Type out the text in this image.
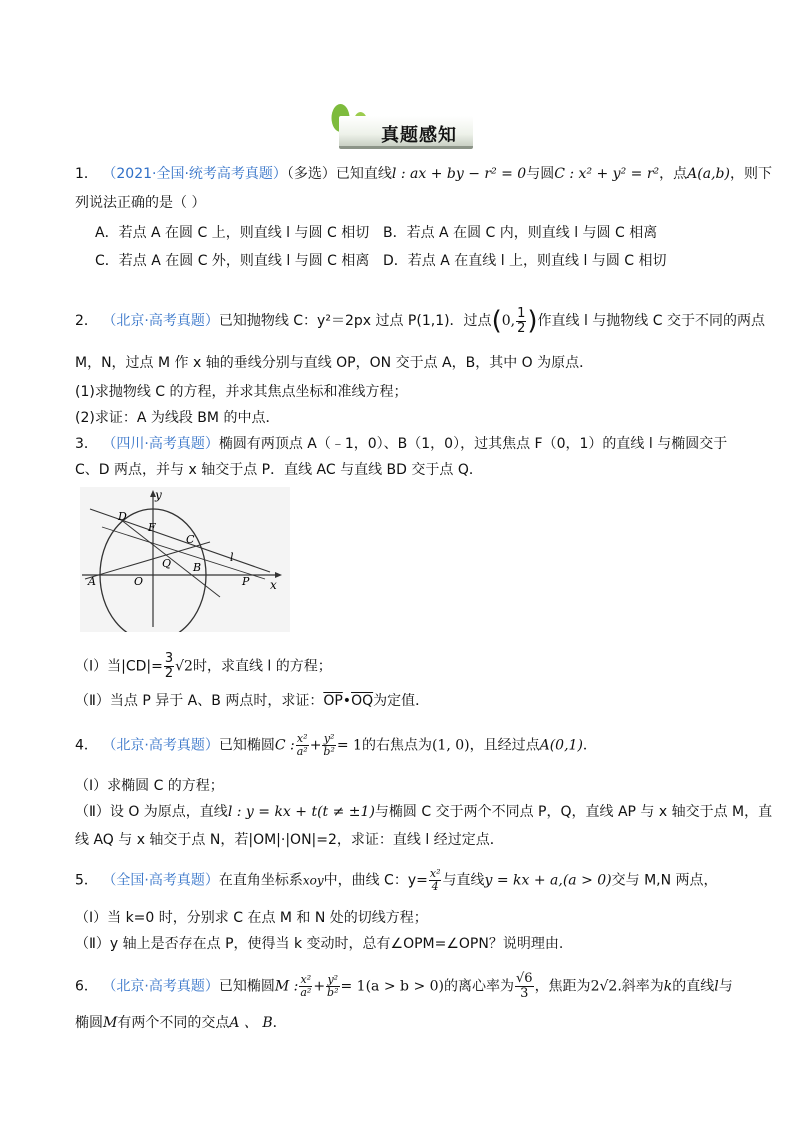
真题感知
1． （2021·全国·统考高考真题）（多选）已知直线l : ax + by − r² = 0与圆C : x² + y² = r²，点A(a,b)，则下
列说法正确的是（ ）
A．若点 A 在圆 C 上，则直线 l 与圆 C 相切 B．若点 A 在圆 C 内，则直线 l 与圆 C 相离
C．若点 A 在圆 C 外，则直线 l 与圆 C 相离 D．若点 A 在直线 l 上，则直线 l 与圆 C 相切
2． （北京·高考真题）已知抛物线 C：y²＝2px 过点 P(1,1)．过点(0, $\frac{1}{2}$ )作直线 l 与抛物线 C 交于不同的两点
M，N，过点 M 作 x 轴的垂线分别与直线 OP，ON 交于点 A，B，其中 O 为原点．
(1)求抛物线 C 的方程，并求其焦点坐标和准线方程；
(2)求证：A 为线段 BM 的中点．
3． （四川·高考真题）椭圆有两顶点 A（﹣1，0）、B（1，0），过其焦点 F（0，1）的直线 l 与椭圆交于
C、D 两点，并与 x 轴交于点 P．直线 AC 与直线 BD 交于点 Q．
y
x
D
F
C
Q	l
A	O
B
P
（Ⅰ）当$|CD|= \frac{3}{2} √2$时，求直线 l 的方程；
（Ⅱ）当点 P 异于 A、B 两点时，求证：$\overline{OP}•\overline{OQ}$为定值．
4． （北京·高考真题）已知椭圆C : $\frac{\text{x²}}{\text{a²}} + \frac{\text{y²}}{\text{b²}} = 1$的右焦点为(1, 0)，且经过点A(0,1)．
（Ⅰ）求椭圆 C 的方程；
（Ⅱ）设 O 为原点，直线l : y = kx + t(t ≠ ±1)与椭圆 C 交于两个不同点 P，Q，直线 AP 与 x 轴交于点 M，直
线 AQ 与 x 轴交于点 N，若|OM|·|ON|=2，求证：直线 l 经过定点．
5． （全国·高考真题）在直角坐标系xoy中，曲线 C：$y= \frac{\text{x²}}{4}$ 与直线y = kx + a,(a > 0)交与 M,N 两点，
（Ⅰ）当 k=0 时，分别求 C 在点 M 和 N 处的切线方程；
（Ⅱ）y 轴上是否存在点 P，使得当 k 变动时，总有∠OPM=∠OPN？说明理由.
6． （北京·高考真题）已知椭圆M : $\frac{\text{x²}}{\text{a²}} + \frac{\text{y²}}{\text{b²}} = 1(a > b > 0)$的离心率为 $\frac{√6}{3}$ ，焦距为2√2.斜率为k的直线l与
椭圆M有两个不同的交点A 、 B．
